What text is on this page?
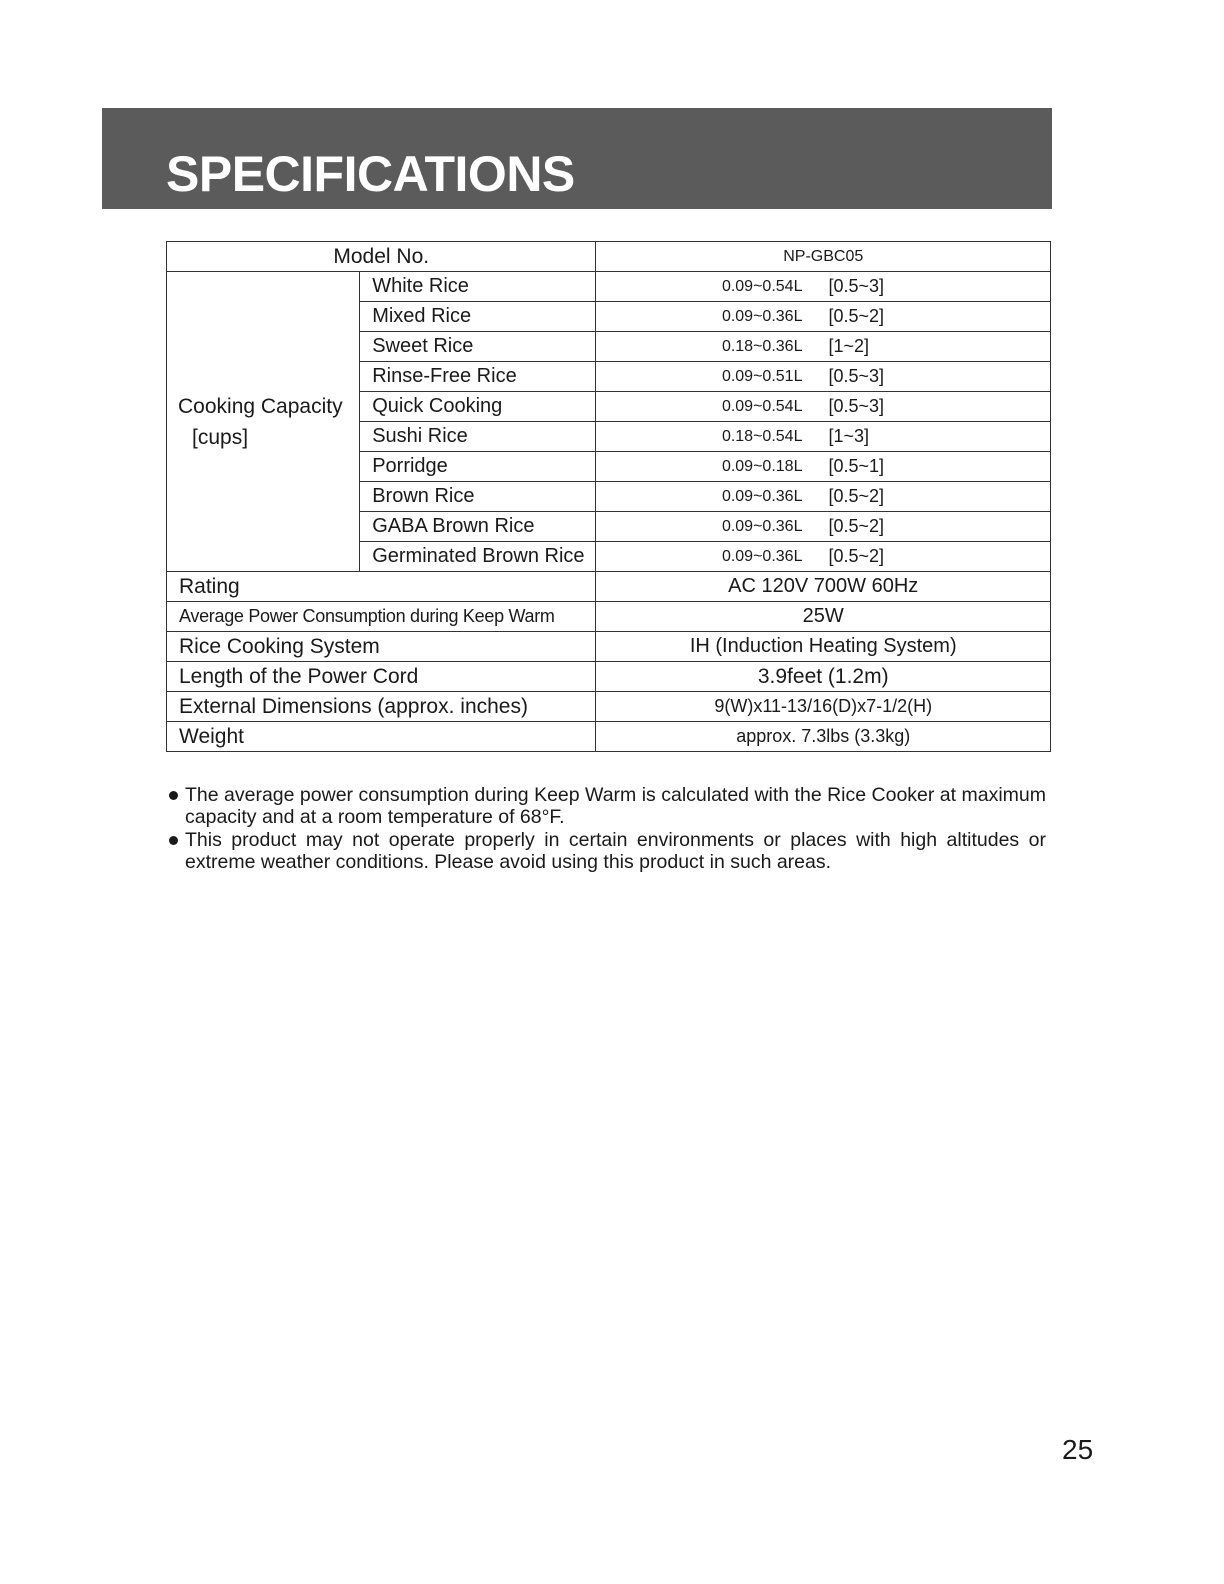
SPECIFICATIONS
Model No.		NP-GBC05

Cooking Capacity
[cups]	White Rice	0.09~0.54L [0.5~3]

	Mixed Rice	0.09~0.36L [0.5~2]

	Sweet Rice	0.18~0.36L [1~2]

	Rinse-Free Rice	0.09~0.51L [0.5~3]

	Quick Cooking	0.09~0.54L [0.5~3]

	Sushi Rice	0.18~0.54L [1~3]

	Porridge	0.09~0.18L [0.5~1]

	Brown Rice	0.09~0.36L [0.5~2]

	GABA Brown Rice	0.09~0.36L [0.5~2]

	Germinated Brown Rice	0.09~0.36L [0.5~2]

Rating		AC 120V 700W 60Hz
Average Power Consumption during Keep Warm		25W
Rice Cooking System		IH (Induction Heating System)
Length of the Power Cord		3.9feet (1.2m)
External Dimensions (approx. inches)		9(W)x11-13/16(D)x7-1/2(H)
Weight		approx. 7.3lbs (3.3kg)
The average power consumption during Keep Warm is calculated with the Rice Cooker at maximum capacity and at a room temperature of 68°F.
This product may not operate properly in certain environments or places with high altitudes or extreme weather conditions. Please avoid using this product in such areas.
25
